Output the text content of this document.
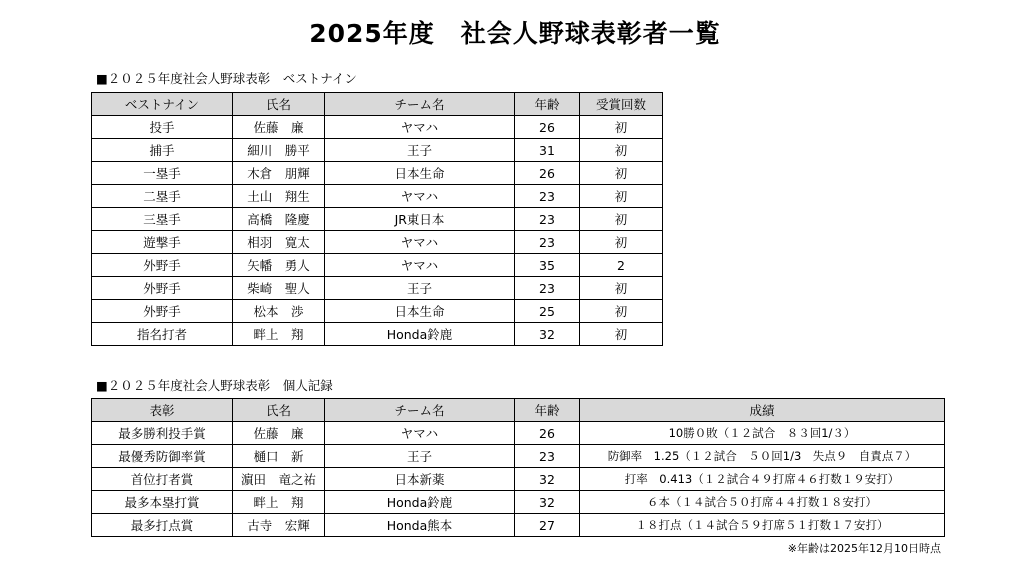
2025年度　社会人野球表彰者一覧
■２０２５年度社会人野球表彰　ベストナイン
ベストナイン	氏名	チーム名	年齢	受賞回数
投手	佐藤　廉	ヤマハ	26	初
捕手	細川　勝平	王子	31	初
一塁手	木倉　朋輝	日本生命	26	初
二塁手	土山　翔生	ヤマハ	23	初
三塁手	高橋　隆慶	JR東日本	23	初
遊撃手	相羽　寛太	ヤマハ	23	初
外野手	矢幡　勇人	ヤマハ	35	2
外野手	柴崎　聖人	王子	23	初
外野手	松本　渉	日本生命	25	初
指名打者	畔上　翔	Honda鈴鹿	32	初
■２０２５年度社会人野球表彰　個人記録
表彰	氏名	チーム名	年齢	成績
最多勝利投手賞	佐藤　廉	ヤマハ	26	10勝０敗（１２試合　８３回1/３）
最優秀防御率賞	樋口　新	王子	23	防御率　1.25（１２試合　５０回1/3　失点９　自責点７）
首位打者賞	濵田　竜之祐	日本新薬	32	打率　0.413（１２試合４９打席４６打数１９安打）
最多本塁打賞	畔上　翔	Honda鈴鹿	32	６本（１４試合５０打席４４打数１８安打）
最多打点賞	古寺　宏輝	Honda熊本	27	１８打点（１４試合５９打席５１打数１７安打）
※年齢は2025年12月10日時点
